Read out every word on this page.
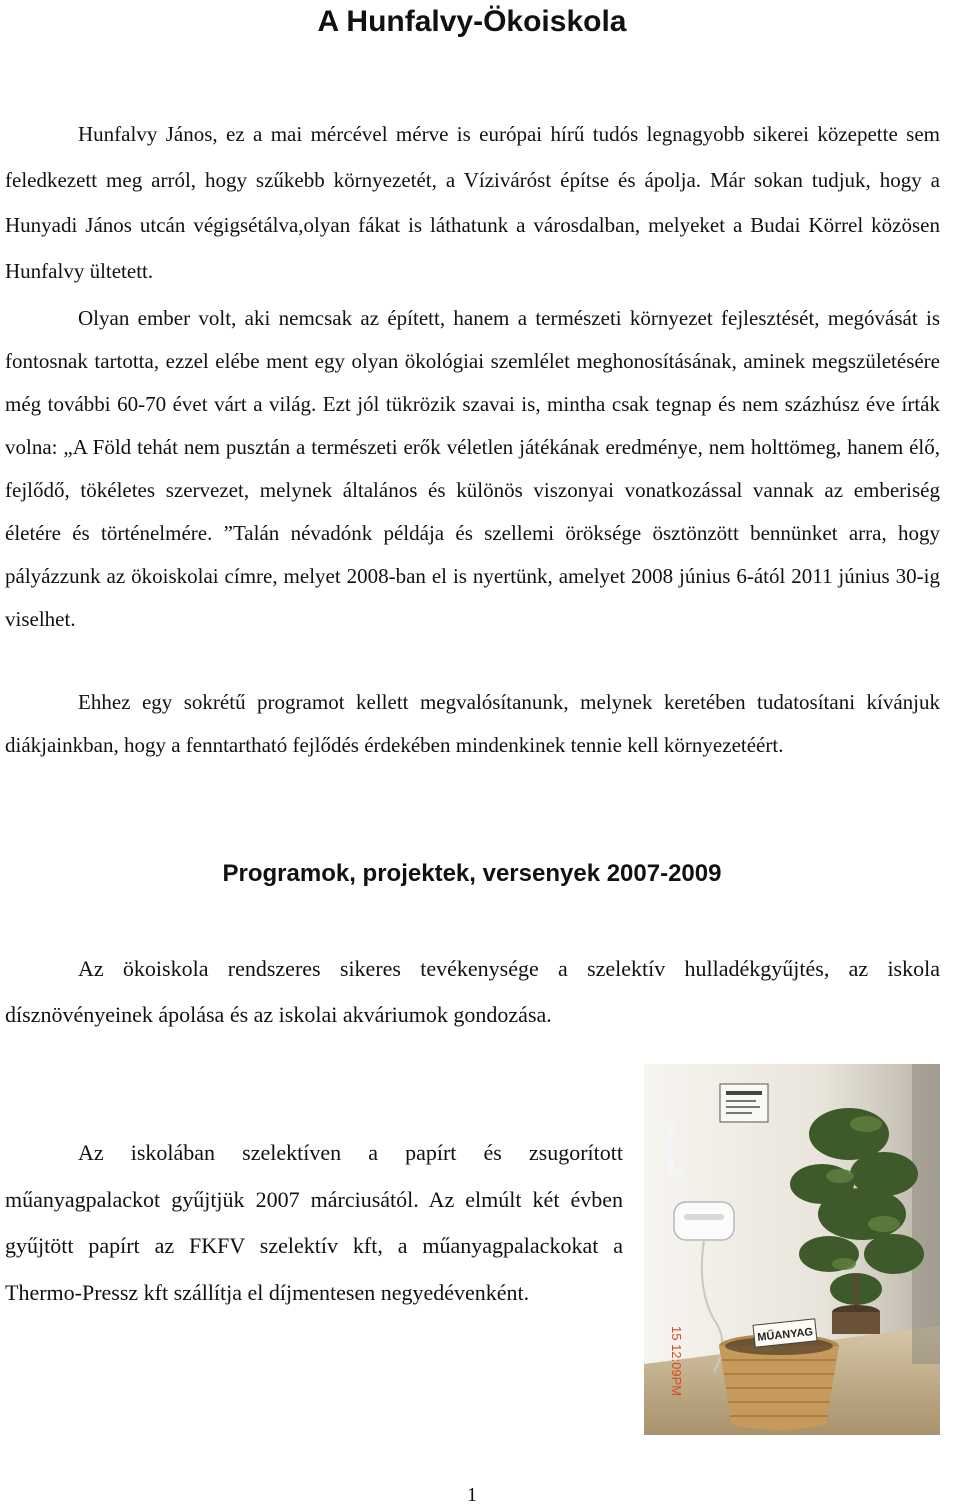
A Hunfalvy-Ökoiskola

Hunfalvy János, ez a mai mércével mérve is európai hírű tudós legnagyobb sikerei közepette sem feledkezett meg arról, hogy szűkebb környezetét, a Víziváróst építse és ápolja. Már sokan tudjuk, hogy a Hunyadi János utcán végigsétálva,olyan fákat is láthatunk a városdalban, melyeket a Budai Körrel közösen Hunfalvy ültetett.

Olyan ember volt, aki nemcsak az épített, hanem a természeti környezet fejlesztését, megóvását is fontosnak tartotta, ezzel elébe ment egy olyan ökológiai szemlélet meghonosításának, aminek megszületésére még további 60-70 évet várt a világ. Ezt jól tükrözik szavai is, mintha csak tegnap és nem százhúsz éve írták volna: „A Föld tehát nem pusztán a természeti erők véletlen játékának eredménye, nem holttömeg, hanem élő, fejlődő, tökéletes szervezet, melynek általános és különös viszonyai vonatkozással vannak az emberiség életére és történelmére. ”Talán névadónk példája és szellemi öröksége ösztönzött bennünket arra, hogy pályázzunk az ökoiskolai címre, melyet 2008-ban el is nyertünk, amelyet 2008 június 6-ától 2011 június 30-ig viselhet.

Ehhez egy sokrétű programot kellett megvalósítanunk, melynek keretében tudatosítani kívánjuk diákjainkban, hogy a fenntartható fejlődés érdekében mindenkinek tennie kell környezetéért.

Programok, projektek, versenyek 2007-2009

Az ökoiskola rendszeres sikeres tevékenysége a szelektív hulladékgyűjtés, az iskola dísznövényeinek ápolása és az iskolai akváriumok gondozása.

Az iskolában szelektíven a papírt és zsugorított műanyagpalackot gyűjtjük 2007 márciusától. Az elmúlt két évben gyűjtött papírt az FKFV szelektív kft, a műanyagpalackokat a Thermo-Pressz kft szállítja el díjmentesen negyedévenként.

MŰANYAG
15 12:09PM
1
